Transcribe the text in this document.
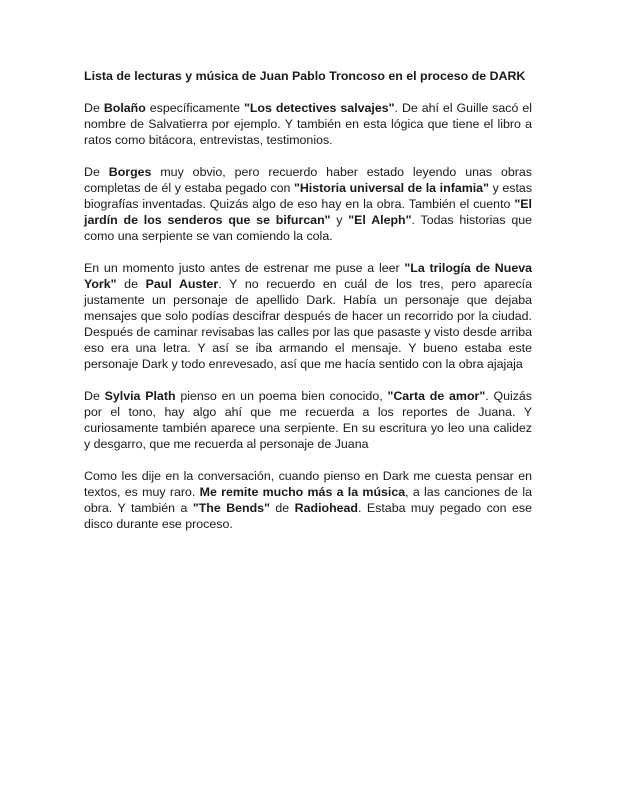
Lista de lecturas y música de Juan Pablo Troncoso en el proceso de DARK

De Bolaño específicamente "Los detectives salvajes". De ahí el Guille sacó el nombre de Salvatierra por ejemplo. Y también en esta lógica que tiene el libro a ratos como bitácora, entrevistas, testimonios.

De Borges muy obvio, pero recuerdo haber estado leyendo unas obras completas de él y estaba pegado con "Historia universal de la infamia" y estas biografías inventadas. Quizás algo de eso hay en la obra. También el cuento "El jardín de los senderos que se bifurcan" y "El Aleph". Todas historias que como una serpiente se van comiendo la cola.

En un momento justo antes de estrenar me puse a leer "La trilogía de Nueva York" de Paul Auster. Y no recuerdo en cuál de los tres, pero aparecía justamente un personaje de apellido Dark. Había un personaje que dejaba mensajes que solo podías descifrar después de hacer un recorrido por la ciudad. Después de caminar revisabas las calles por las que pasaste y visto desde arriba eso era una letra. Y así se iba armando el mensaje. Y bueno estaba este personaje Dark y todo enrevesado, así que me hacía sentido con la obra ajajaja

De Sylvia Plath pienso en un poema bien conocido, "Carta de amor". Quizás por el tono, hay algo ahí que me recuerda a los reportes de Juana. Y curiosamente también aparece una serpiente. En su escritura yo leo una calidez y desgarro, que me recuerda al personaje de Juana

Como les dije en la conversación, cuando pienso en Dark me cuesta pensar en textos, es muy raro. Me remite mucho más a la música, a las canciones de la obra. Y también a "The Bends" de Radiohead. Estaba muy pegado con ese disco durante ese proceso.
